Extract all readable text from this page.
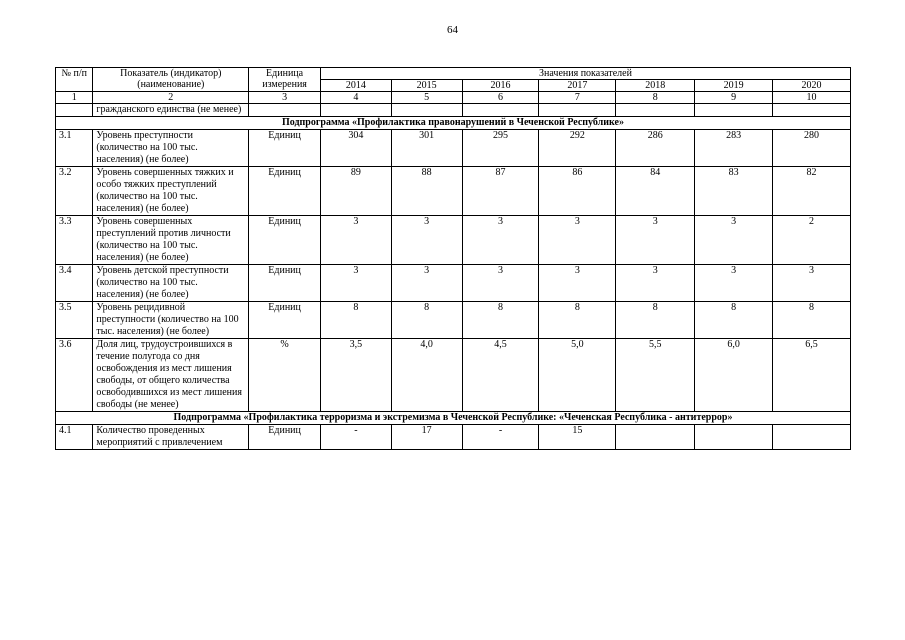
64
№ п/п	Показатель (индикатор) (наименование)	Единица измерения	Значения показателей						
			2014	2015	2016	2017	2018	2019	2020
1	2	3	4	5	6	7	8	9	10
	гражданского единства (не менее)								
Подпрограмма «Профилактика правонарушений в Чеченской Республике»									
3.1	Уровень преступности (количество на 100 тыс. населения) (не более)	Единиц	304	301	295	292	286	283	280
3.2	Уровень совершенных тяжких и особо тяжких преступлений (количество на 100 тыс. населения) (не более)	Единиц	89	88	87	86	84	83	82
3.3	Уровень совершенных преступлений против личности (количество на 100 тыс. населения) (не более)	Единиц	3	3	3	3	3	3	2
3.4	Уровень детской преступности (количество на 100 тыс. населения) (не более)	Единиц	3	3	3	3	3	3	3
3.5	Уровень рецидивной преступности (количество на 100 тыс. населения) (не более)	Единиц	8	8	8	8	8	8	8
3.6	Доля лиц, трудоустроившихся в течение полугода со дня освобождения из мест лишения свободы, от общего количества освободившихся из мест лишения свободы (не менее)	%	3,5	4,0	4,5	5,0	5,5	6,0	6,5
Подпрограмма «Профилактика терроризма и экстремизма в Чеченской Республике: «Чеченская Республика - антитеррор»									
4.1	Количество проведенных мероприятий с привлечением	Единиц	-	17	-	15			
